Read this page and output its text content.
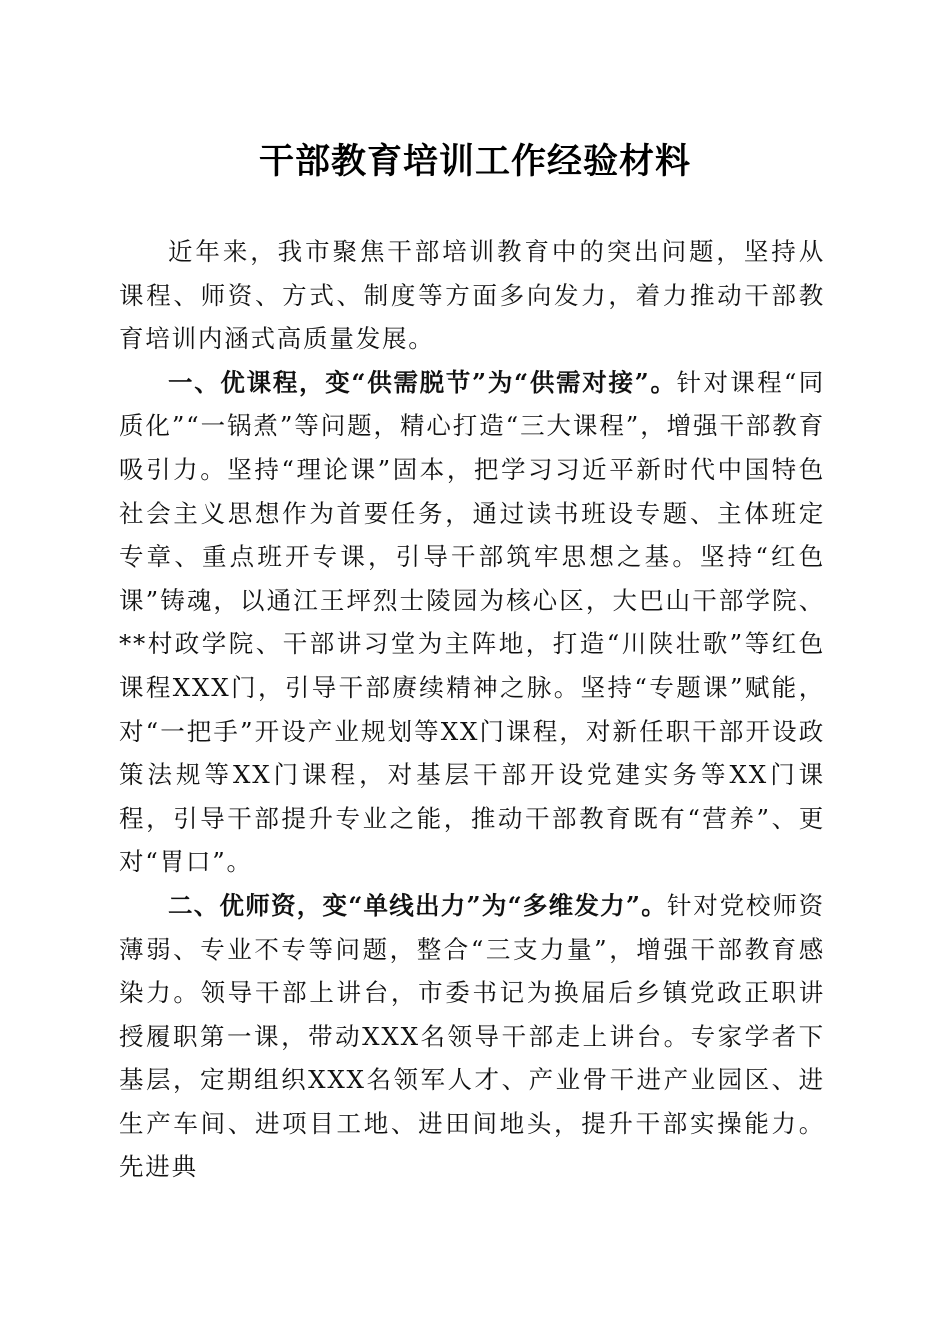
干部教育培训工作经验材料

近年来，我市聚焦干部培训教育中的突出问题，坚持从课程、师资、方式、制度等方面多向发力，着力推动干部教育培训内涵式高质量发展。

一、优课程，变“供需脱节”为“供需对接”。针对课程“同质化”“一锅煮”等问题，精心打造“三大课程”，增强干部教育吸引力。坚持“理论课”固本，把学习习近平新时代中国特色社会主义思想作为首要任务，通过读书班设专题、主体班定专章、重点班开专课，引导干部筑牢思想之基。坚持“红色课”铸魂，以通江王坪烈士陵园为核心区，大巴山干部学院、**村政学院、干部讲习堂为主阵地，打造“川陕壮歌”等红色课程XXX门，引导干部赓续精神之脉。坚持“专题课”赋能，对“一把手”开设产业规划等XX门课程，对新任职干部开设政策法规等XX门课程，对基层干部开设党建实务等XX门课程，引导干部提升专业之能，推动干部教育既有“营养”、更对“胃口”。

二、优师资，变“单线出力”为“多维发力”。针对党校师资薄弱、专业不专等问题，整合“三支力量”，增强干部教育感染力。领导干部上讲台，市委书记为换届后乡镇党政正职讲授履职第一课，带动XXX名领导干部走上讲台。专家学者下基层，定期组织XXX名领军人才、产业骨干进产业园区、进生产车间、进项目工地、进田间地头，提升干部实操能力。先进典
